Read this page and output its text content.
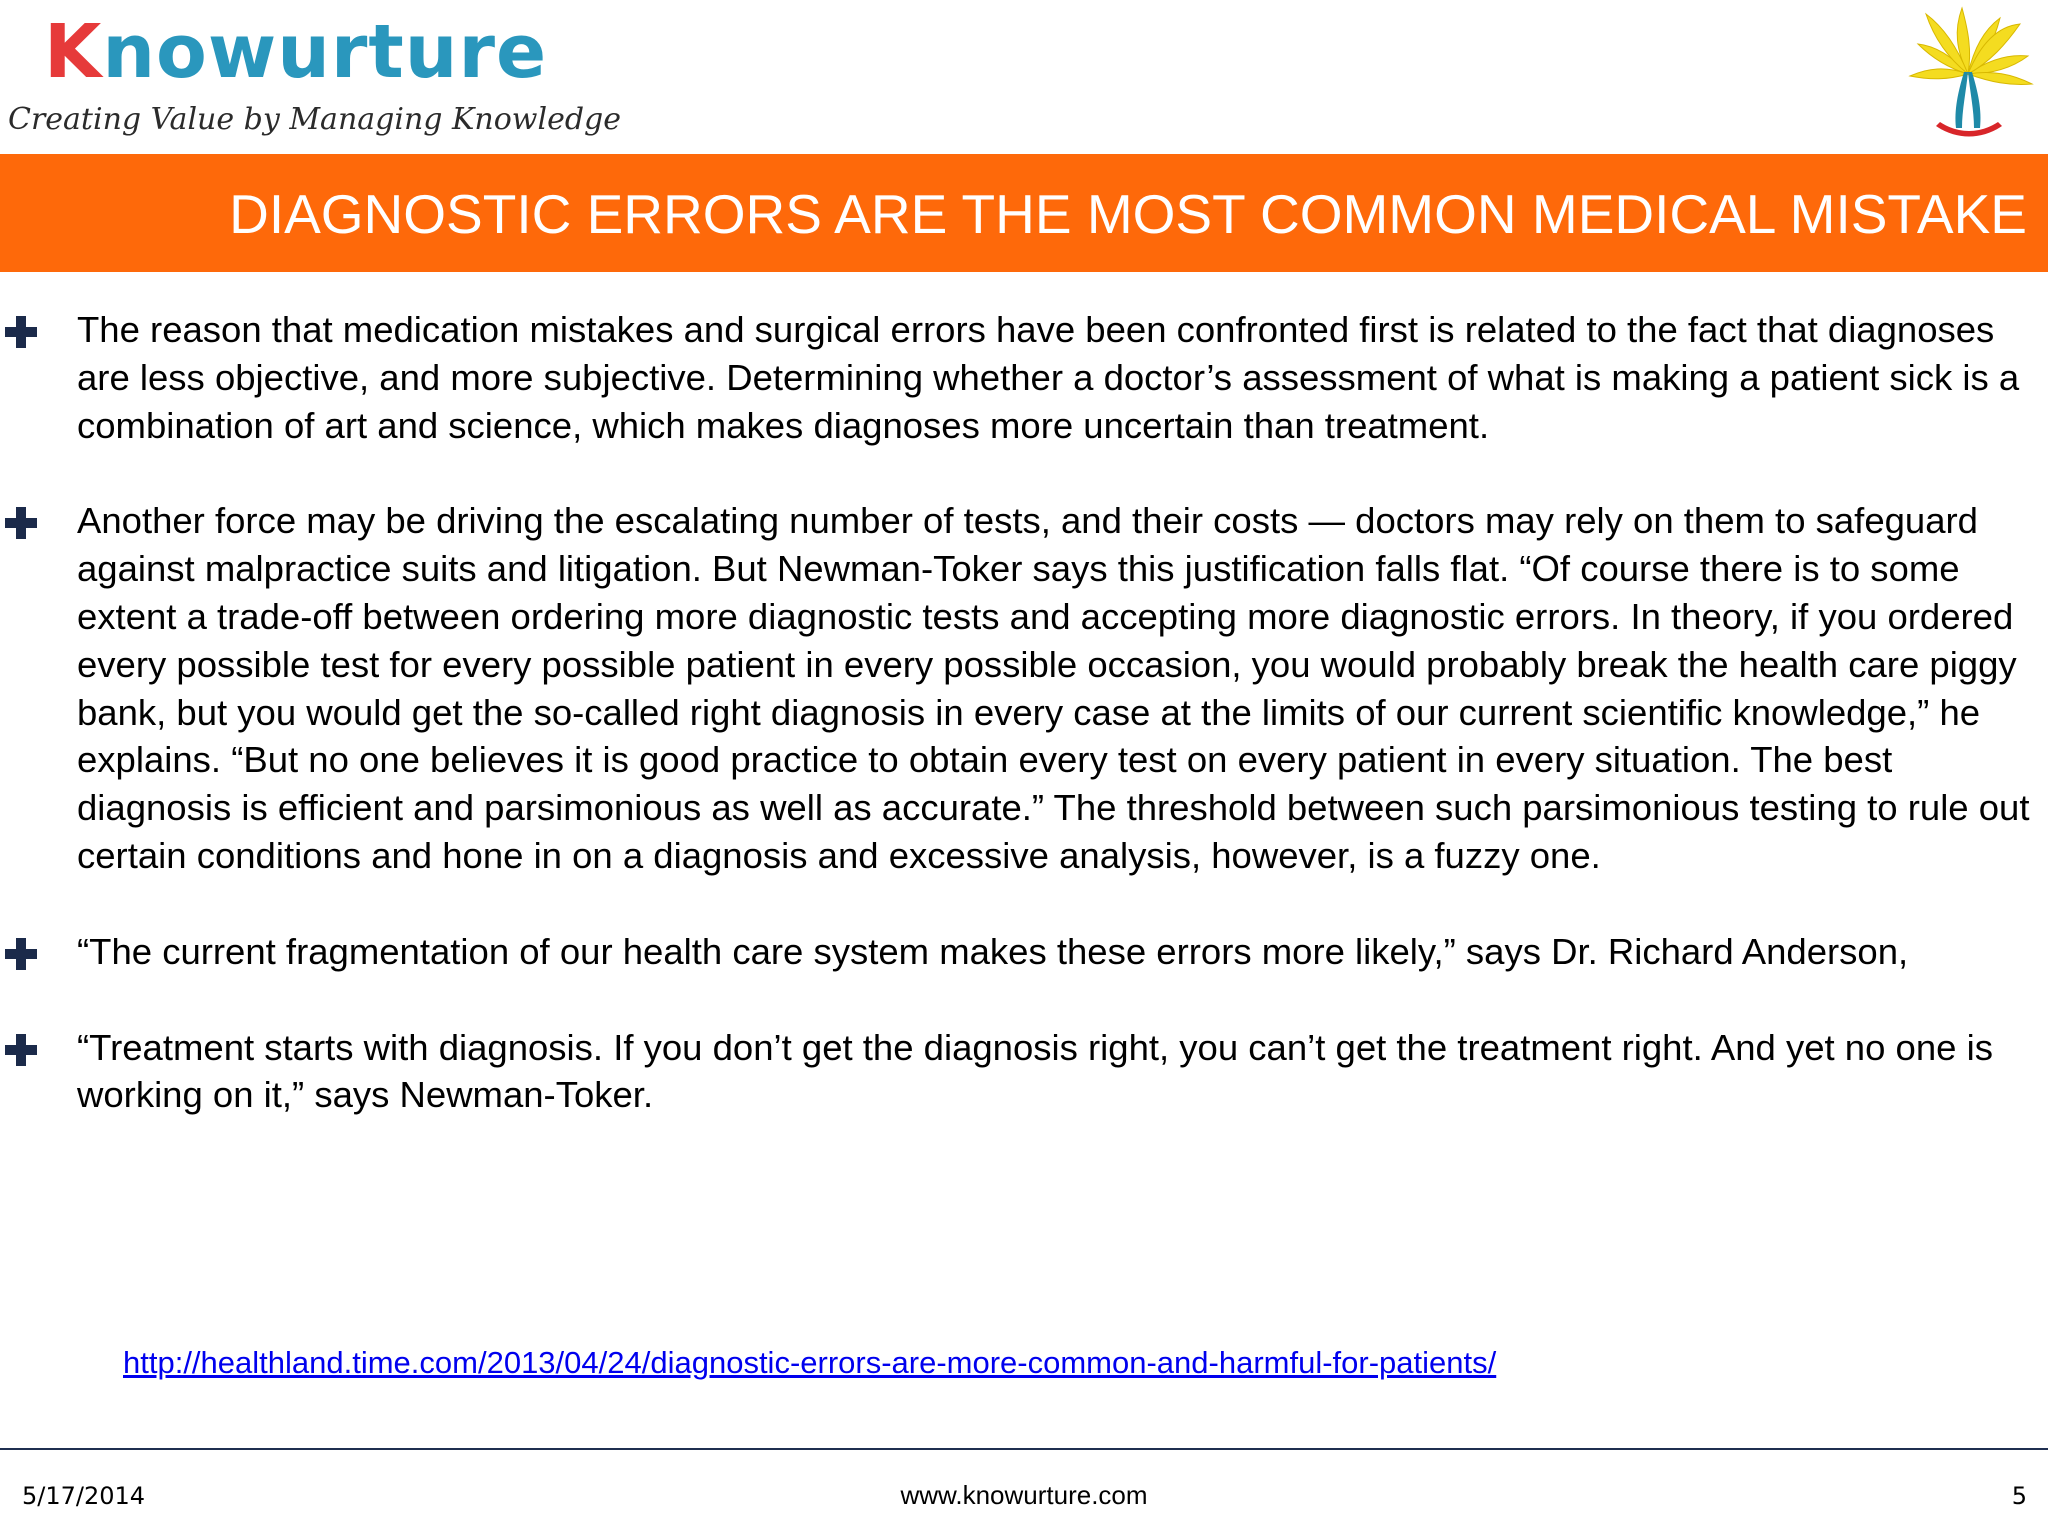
Knowurture
Creating Value by Managing Knowledge
DIAGNOSTIC ERRORS ARE THE MOST COMMON MEDICAL MISTAKE

The reason that medication mistakes and surgical errors have been confronted first is related to the fact that diagnoses are less objective, and more subjective. Determining whether a doctor’s assessment of what is making a patient sick is a combination of art and science, which makes diagnoses more uncertain than treatment.

Another force may be driving the escalating number of tests, and their costs — doctors may rely on them to safeguard against malpractice suits and litigation. But Newman-Toker says this justification falls flat. “Of course there is to some extent a trade-off between ordering more diagnostic tests and accepting more diagnostic errors. In theory, if you ordered every possible test for every possible patient in every possible occasion, you would probably break the health care piggy bank, but you would get the so-called right diagnosis in every case at the limits of our current scientific knowledge,” he explains. “But no one believes it is good practice to obtain every test on every patient in every situation. The best diagnosis is efficient and parsimonious as well as accurate.” The threshold between such parsimonious testing to rule out certain conditions and hone in on a diagnosis and excessive analysis, however, is a fuzzy one.

“The current fragmentation of our health care system makes these errors more likely,” says Dr. Richard Anderson,

“Treatment starts with diagnosis. If you don’t get the diagnosis right, you can’t get the treatment right. And yet no one is working on it,” says Newman-Toker.

http://healthland.time.com/2013/04/24/diagnostic-errors-are-more-common-and-harmful-for-patients/
5/17/2014	www.knowurture.com	5
